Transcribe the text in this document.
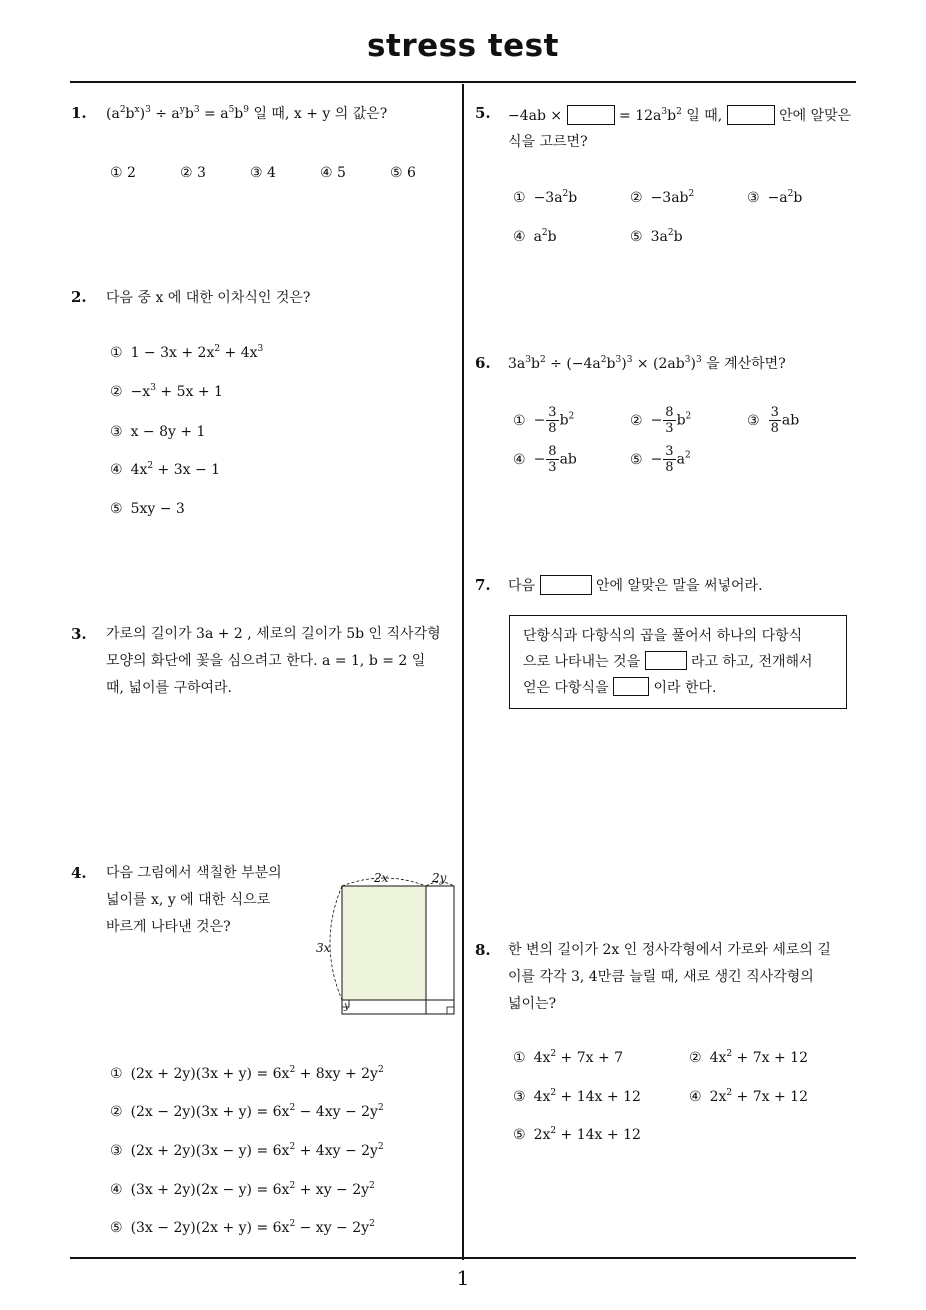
stress test
1
1. $(a^2b^x)^3 \div a^yb^3 = a^5b^9$ 일 때, x + y 의 값은?
① 2	② 3	③ 4	④ 5	⑤ 6
2. 다음 중 x 에 대한 이차식인 것은?
① $1 - 3x + 2x^2 + 4x^3$
② $-x^3 + 5x + 1$
③ x − 8y + 1
④ $4x^2 + 3x - 1$
⑤ 5xy − 3
3. 가로의 길이가 3a + 2 , 세로의 길이가 5b 인 직사각형
모양의 화단에 꽃을 심으려고 한다. a = 1, b = 2 일
때, 넓이를 구하여라.
4. 다음 그림에서 색칠한 부분의
넓이를 x, y 에 대한 식으로
바르게 나타낸 것은?
2x	2y
3x
y
① $(2x + 2y)(3x + y) = 6x^2 + 8xy + 2y^2$
② $(2x - 2y)(3x + y) = 6x^2 - 4xy - 2y^2$
③ $(2x + 2y)(3x - y) = 6x^2 + 4xy - 2y^2$
④ $(3x + 2y)(2x - y) = 6x^2$ + xy − $2y^2$
⑤ $(3x - 2y)(2x + y) = 6x^2$ − xy − $2y^2$
5. −4ab ×	= $12a^3b^2$ 일 때,	안에 알맞은
식을 고르면?
① $-3a^2b$	② $-3ab^2$	③ $-a^2b$
④ $a^2b$	⑤ $3a^2b$
6. $3a^3b^2 \div (-4a^2b^3)^3 \times (2ab^3)^3$ 을 계산하면?
① − $\frac{3}{8} b^2$	② − $\frac{8}{3} b^2$	③ $\frac{3}{8}$ ab
④ − $\frac{8}{3}$ ab	⑤ − $\frac{3}{8} a^2$
7. 다음	안에 알맞은 말을 써넣어라.
단항식과 다항식의 곱을 풀어서 하나의 다항식
으로 나타내는 것을	라고 하고, 전개해서
얻은 다항식을	이라 한다.
8. 한 변의 길이가 2x 인 정사각형에서 가로와 세로의 길
이를 각각 3, 4만큼 늘릴 때, 새로 생긴 직사각형의
넓이는?
① $4x^2 + 7x + 7$	② $4x^2 + 7x + 12$
③ $4x^2 + 14x + 12$	④ $2x^2 + 7x + 12$
⑤ $2x^2 + 14x + 12$
